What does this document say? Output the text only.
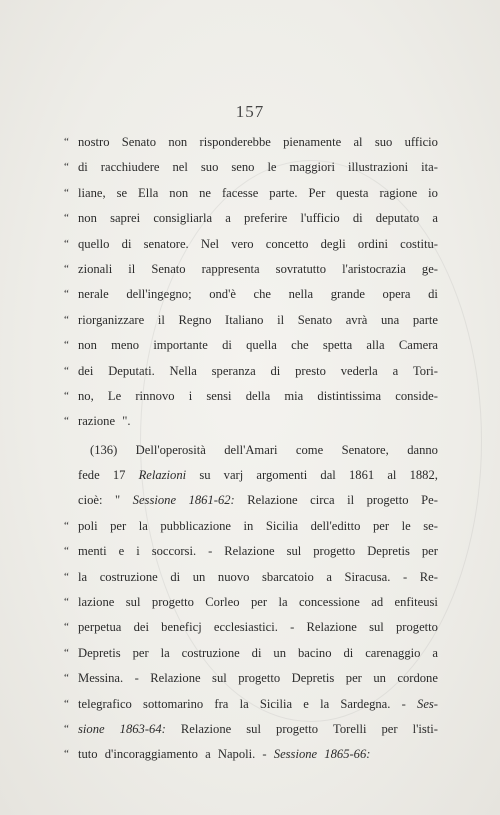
157
“ nostro Senato non risponderebbe pienamente al suo ufficio
“ di racchiudere nel suo seno le maggiori illustrazioni ita-
“ liane, se Ella non ne facesse parte. Per questa ragione io
“ non saprei consigliarla a preferire l'ufficio di deputato a
“ quello di senatore. Nel vero concetto degli ordini costitu-
“ zionali il Senato rappresenta sovratutto l'aristocrazia ge-
“ nerale dell'ingegno; ond'è che nella grande opera di
“ riorganizzare il Regno Italiano il Senato avrà una parte
“ non meno importante di quella che spetta alla Camera
“ dei Deputati. Nella speranza di presto vederla a Tori-
“ no, Le rinnovo i sensi della mia distintissima conside-
“ razione ".
(136) Dell'operosità dell'Amari come Senatore, danno
fede 17 Relazioni su varj argomenti dal 1861 al 1882,
cioè: " Sessione 1861-62: Relazione circa il progetto Pe-
“ poli per la pubblicazione in Sicilia dell'editto per le se-
“ menti e i soccorsi. - Relazione sul progetto Depretis per
“ la costruzione di un nuovo sbarcatoio a Siracusa. - Re-
“ lazione sul progetto Corleo per la concessione ad enfiteusi
“ perpetua dei beneficj ecclesiastici. - Relazione sul progetto
“ Depretis per la costruzione di un bacino di carenaggio a
“ Messina. - Relazione sul progetto Depretis per un cordone
“ telegrafico sottomarino fra la Sicilia e la Sardegna. - Ses-
“ sione 1863-64: Relazione sul progetto Torelli per l'isti-
“ tuto d'incoraggiamento a Napoli. - Sessione 1865-66:
